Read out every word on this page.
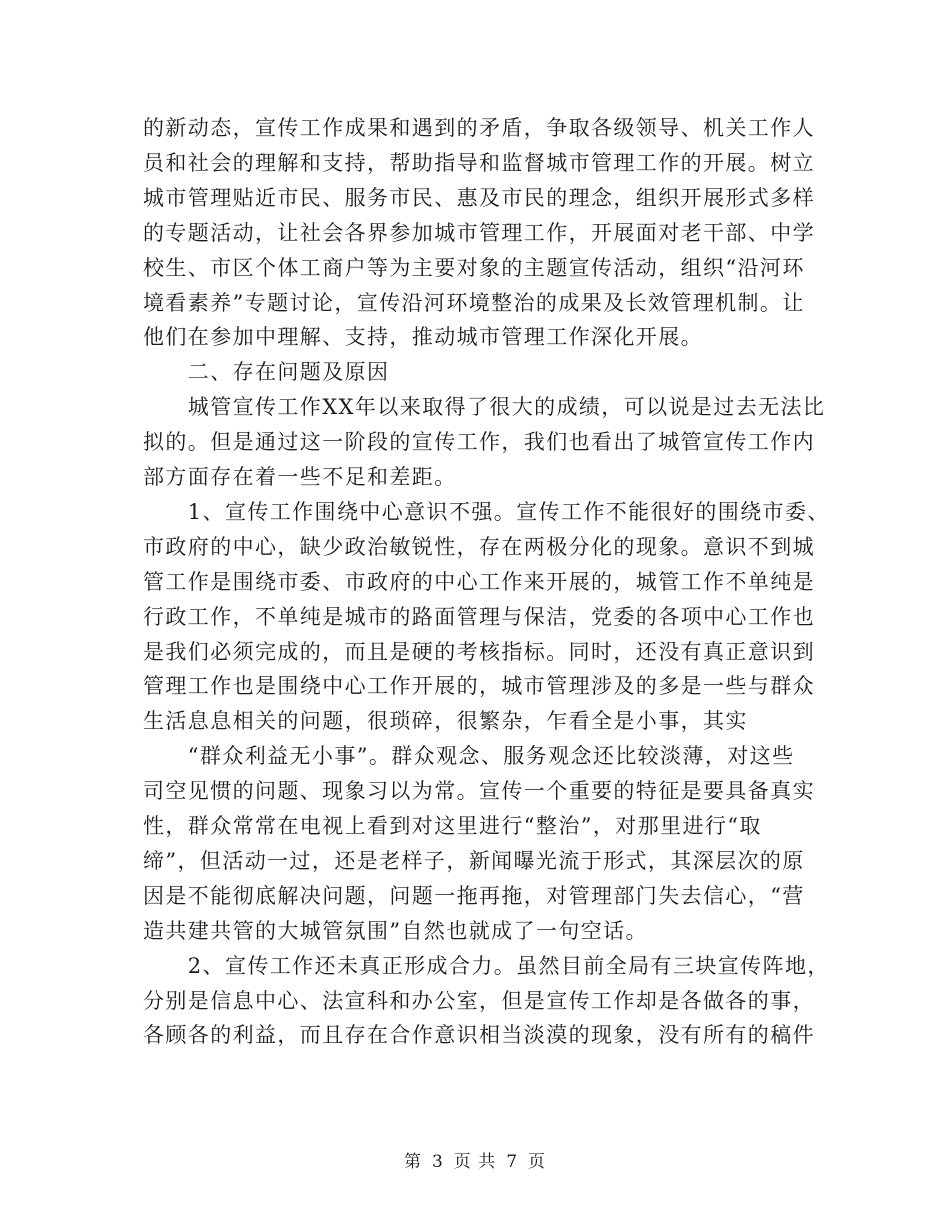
的新动态，宣传工作成果和遇到的矛盾，争取各级领导、机关工作人
员和社会的理解和支持，帮助指导和监督城市管理工作的开展。树立
城市管理贴近市民、服务市民、惠及市民的理念，组织开展形式多样
的专题活动，让社会各界参加城市管理工作，开展面对老干部、中学
校生、市区个体工商户等为主要对象的主题宣传活动，组织“沿河环
境看素养”专题讨论，宣传沿河环境整治的成果及长效管理机制。让
他们在参加中理解、支持，推动城市管理工作深化开展。
　　二、存在问题及原因
　　城管宣传工作XX年以来取得了很大的成绩，可以说是过去无法比
拟的。但是通过这一阶段的宣传工作，我们也看出了城管宣传工作内
部方面存在着一些不足和差距。
　　1、宣传工作围绕中心意识不强。宣传工作不能很好的围绕市委、
市政府的中心，缺少政治敏锐性，存在两极分化的现象。意识不到城
管工作是围绕市委、市政府的中心工作来开展的，城管工作不单纯是
行政工作，不单纯是城市的路面管理与保洁，党委的各项中心工作也
是我们必须完成的，而且是硬的考核指标。同时，还没有真正意识到
管理工作也是围绕中心工作开展的，城市管理涉及的多是一些与群众
生活息息相关的问题，很琐碎，很繁杂，乍看全是小事，其实
　　“群众利益无小事”。群众观念、服务观念还比较淡薄，对这些
司空见惯的问题、现象习以为常。宣传一个重要的特征是要具备真实
性，群众常常在电视上看到对这里进行“整治”，对那里进行“取
缔”，但活动一过，还是老样子，新闻曝光流于形式，其深层次的原
因是不能彻底解决问题，问题一拖再拖，对管理部门失去信心，“营
造共建共管的大城管氛围”自然也就成了一句空话。
　　2、宣传工作还未真正形成合力。虽然目前全局有三块宣传阵地，
分别是信息中心、法宣科和办公室，但是宣传工作却是各做各的事，
各顾各的利益，而且存在合作意识相当淡漠的现象，没有所有的稿件
第 3 页 共 7 页
